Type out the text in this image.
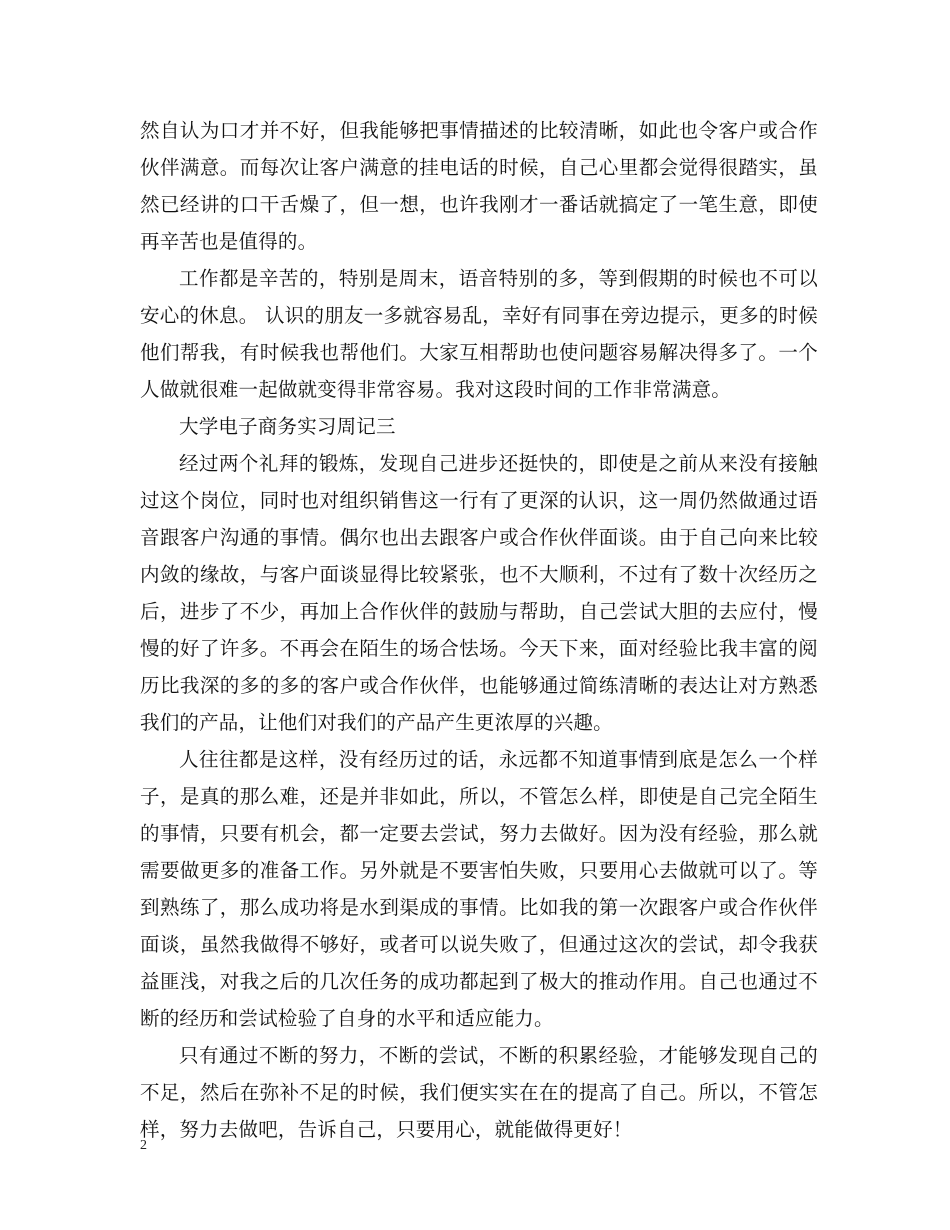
然自认为口才并不好，但我能够把事情描述的比较清晰，如此也令客户或合作伙伴满意。而每次让客户满意的挂电话的时候，自己心里都会觉得很踏实，虽然已经讲的口干舌燥了，但一想，也许我刚才一番话就搞定了一笔生意，即使再辛苦也是值得的。

工作都是辛苦的，特别是周末，语音特别的多，等到假期的时候也不可以安心的休息。 认识的朋友一多就容易乱，幸好有同事在旁边提示，更多的时候他们帮我，有时候我也帮他们。大家互相帮助也使问题容易解决得多了。一个人做就很难一起做就变得非常容易。我对这段时间的工作非常满意。

大学电子商务实习周记三

经过两个礼拜的锻炼，发现自己进步还挺快的，即使是之前从来没有接触过这个岗位，同时也对组织销售这一行有了更深的认识，这一周仍然做通过语音跟客户沟通的事情。偶尔也出去跟客户或合作伙伴面谈。由于自己向来比较内敛的缘故，与客户面谈显得比较紧张，也不大顺利，不过有了数十次经历之后，进步了不少，再加上合作伙伴的鼓励与帮助，自己尝试大胆的去应付，慢慢的好了许多。不再会在陌生的场合怯场。今天下来，面对经验比我丰富的阅历比我深的多的多的客户或合作伙伴，也能够通过简练清晰的表达让对方熟悉我们的产品，让他们对我们的产品产生更浓厚的兴趣。

人往往都是这样，没有经历过的话，永远都不知道事情到底是怎么一个样子，是真的那么难，还是并非如此，所以，不管怎么样，即使是自己完全陌生的事情，只要有机会，都一定要去尝试，努力去做好。因为没有经验，那么就需要做更多的准备工作。另外就是不要害怕失败，只要用心去做就可以了。等到熟练了，那么成功将是水到渠成的事情。比如我的第一次跟客户或合作伙伴面谈，虽然我做得不够好，或者可以说失败了，但通过这次的尝试，却令我获益匪浅，对我之后的几次任务的成功都起到了极大的推动作用。自己也通过不断的经历和尝试检验了自身的水平和适应能力。

只有通过不断的努力，不断的尝试，不断的积累经验，才能够发现自己的不足，然后在弥补不足的时候，我们便实实在在的提高了自己。所以，不管怎样，努力去做吧，告诉自己，只要用心，就能做得更好！

2
